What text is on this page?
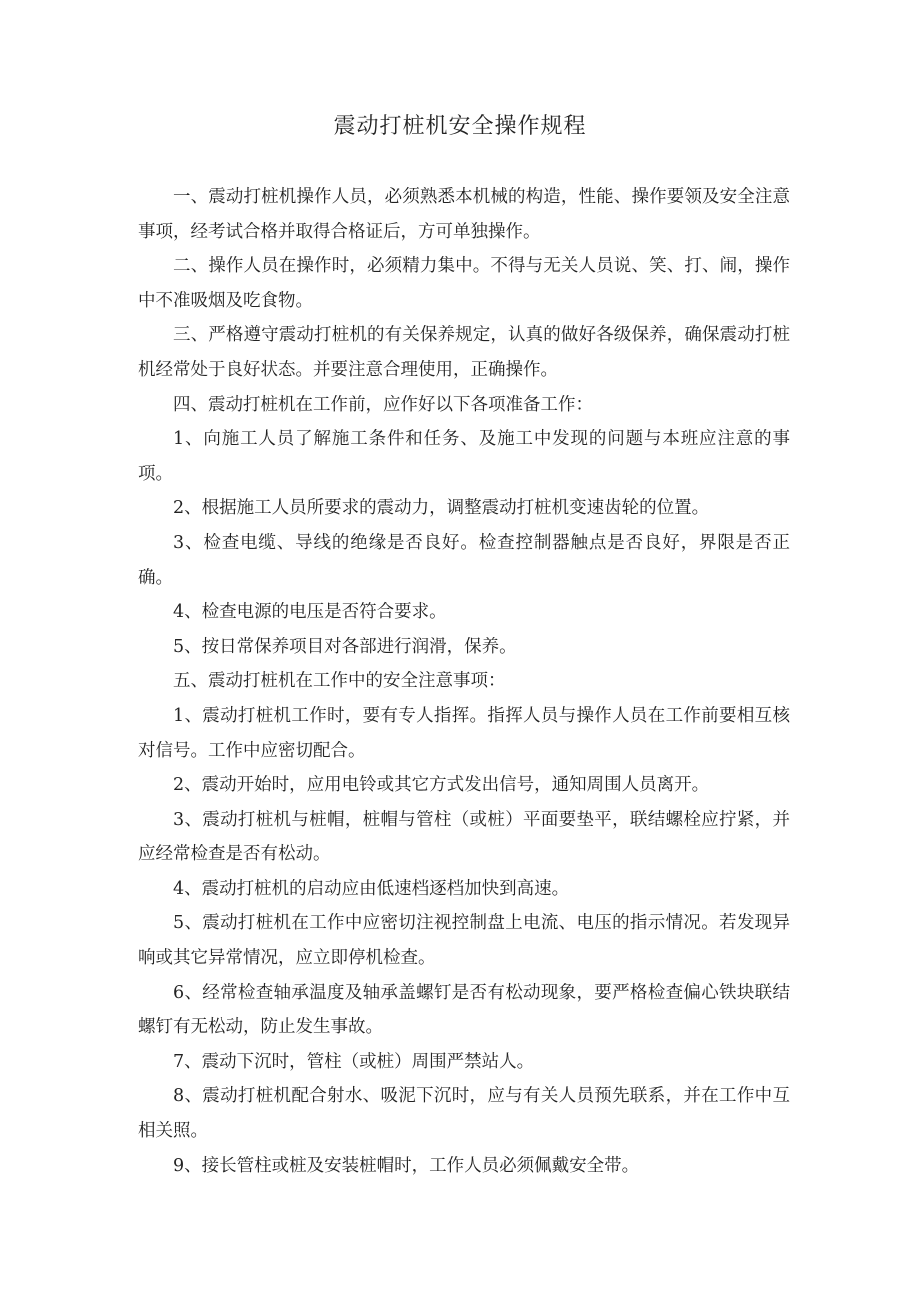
震动打桩机安全操作规程

一、震动打桩机操作人员，必须熟悉本机械的构造，性能、操作要领及安全注意事项，经考试合格并取得合格证后，方可单独操作。

二、操作人员在操作时，必须精力集中。不得与无关人员说、笑、打、闹，操作中不准吸烟及吃食物。

三、严格遵守震动打桩机的有关保养规定，认真的做好各级保养，确保震动打桩机经常处于良好状态。并要注意合理使用，正确操作。

四、震动打桩机在工作前，应作好以下各项准备工作：

1、向施工人员了解施工条件和任务、及施工中发现的问题与本班应注意的事项。

2、根据施工人员所要求的震动力，调整震动打桩机变速齿轮的位置。

3、检查电缆、导线的绝缘是否良好。检查控制器触点是否良好，界限是否正确。

4、检查电源的电压是否符合要求。

5、按日常保养项目对各部进行润滑，保养。

五、震动打桩机在工作中的安全注意事项：

1、震动打桩机工作时，要有专人指挥。指挥人员与操作人员在工作前要相互核对信号。工作中应密切配合。

2、震动开始时，应用电铃或其它方式发出信号，通知周围人员离开。

3、震动打桩机与桩帽，桩帽与管柱（或桩）平面要垫平，联结螺栓应拧紧，并应经常检查是否有松动。

4、震动打桩机的启动应由低速档逐档加快到高速。

5、震动打桩机在工作中应密切注视控制盘上电流、电压的指示情况。若发现异响或其它异常情况，应立即停机检查。

6、经常检查轴承温度及轴承盖螺钉是否有松动现象，要严格检查偏心铁块联结螺钉有无松动，防止发生事故。

7、震动下沉时，管柱（或桩）周围严禁站人。

8、震动打桩机配合射水、吸泥下沉时，应与有关人员预先联系，并在工作中互相关照。

9、接长管柱或桩及安装桩帽时，工作人员必须佩戴安全带。
